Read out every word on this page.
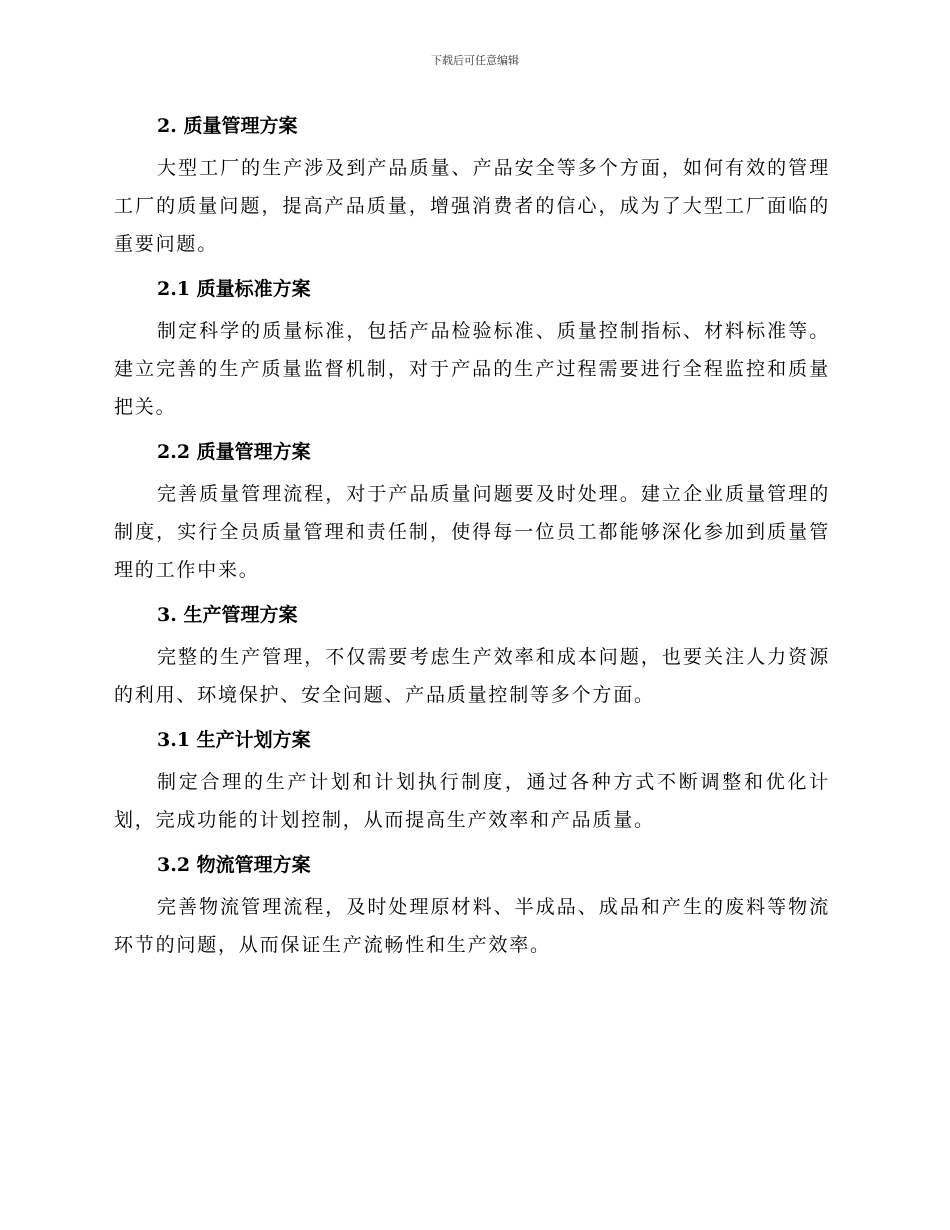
下载后可任意编辑
2. 质量管理方案

大型工厂的生产涉及到产品质量、产品安全等多个方面，如何有效的管理工厂的质量问题，提高产品质量，增强消费者的信心，成为了大型工厂面临的重要问题。

2.1 质量标准方案

制定科学的质量标准，包括产品检验标准、质量控制指标、材料标准等。建立完善的生产质量监督机制，对于产品的生产过程需要进行全程监控和质量把关。

2.2 质量管理方案

完善质量管理流程，对于产品质量问题要及时处理。建立企业质量管理的制度，实行全员质量管理和责任制，使得每一位员工都能够深化参加到质量管理的工作中来。

3. 生产管理方案

完整的生产管理，不仅需要考虑生产效率和成本问题，也要关注人力资源的利用、环境保护、安全问题、产品质量控制等多个方面。

3.1 生产计划方案

制定合理的生产计划和计划执行制度，通过各种方式不断调整和优化计划，完成功能的计划控制，从而提高生产效率和产品质量。

3.2 物流管理方案

完善物流管理流程，及时处理原材料、半成品、成品和产生的废料等物流环节的问题，从而保证生产流畅性和生产效率。
